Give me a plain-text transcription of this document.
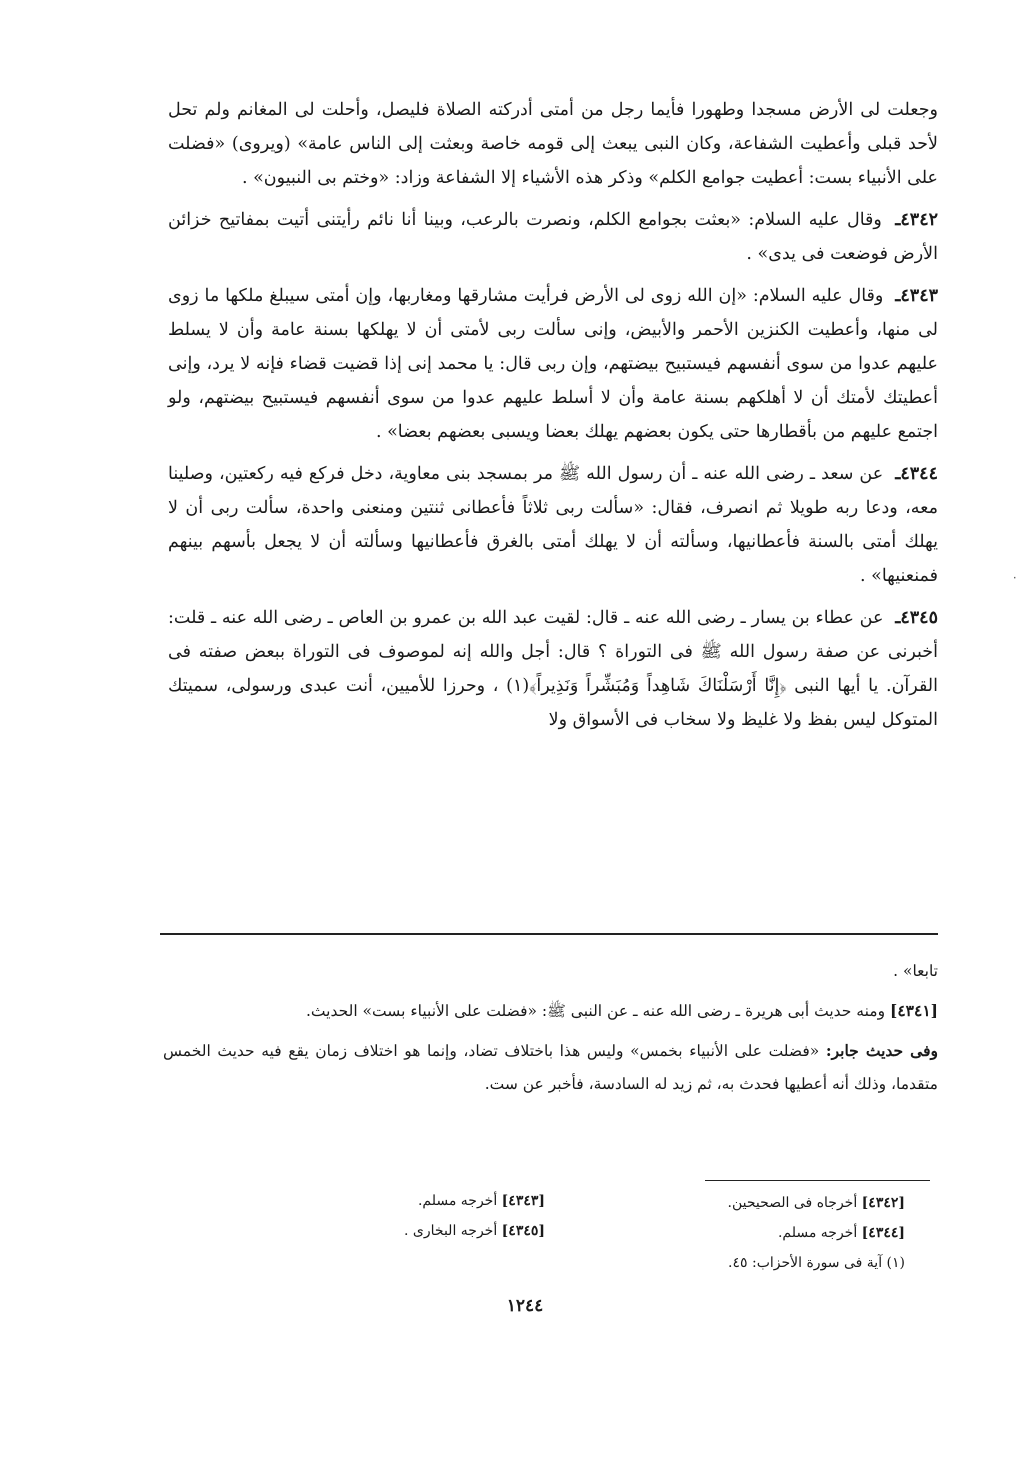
وجعلت لى الأرض مسجدا وطهورا فأيما رجل من أمتى أدركته الصلاة فليصل، وأحلت لى المغانم ولم تحل لأحد قبلى وأعطيت الشفاعة، وكان النبى يبعث إلى قومه خاصة وبعثت إلى الناس عامة» (ويروى) «فضلت على الأنبياء بست: أعطيت جوامع الكلم» وذكر هذه الأشياء إلا الشفاعة وزاد: «وختم بى النبيون» .

٤٣٤٢ـ وقال عليه السلام: «بعثت بجوامع الكلم، ونصرت بالرعب، وبينا أنا نائم رأيتنى أتيت بمفاتيح خزائن الأرض فوضعت فى يدى» .

٤٣٤٣ـ وقال عليه السلام: «إن الله زوى لى الأرض فرأيت مشارقها ومغاربها، وإن أمتى سيبلغ ملكها ما زوى لى منها، وأعطيت الكنزين الأحمر والأبيض، وإنى سألت ربى لأمتى أن لا يهلكها بسنة عامة وأن لا يسلط عليهم عدوا من سوى أنفسهم فيستبيح بيضتهم، وإن ربى قال: يا محمد إنى إذا قضيت قضاء فإنه لا يرد، وإنى أعطيتك لأمتك أن لا أهلكهم بسنة عامة وأن لا أسلط عليهم عدوا من سوى أنفسهم فيستبيح بيضتهم، ولو اجتمع عليهم من بأقطارها حتى يكون بعضهم يهلك بعضا ويسبى بعضهم بعضا» .

٤٣٤٤ـ عن سعد ـ رضى الله عنه ـ أن رسول الله ﷺ مر بمسجد بنى معاوية، دخل فركع فيه ركعتين، وصلينا معه، ودعا ربه طويلا ثم انصرف، فقال: «سألت ربى ثلاثاً فأعطانى ثنتين ومنعنى واحدة، سألت ربى أن لا يهلك أمتى بالسنة فأعطانيها، وسألته أن لا يهلك أمتى بالغرق فأعطانيها وسألته أن لا يجعل بأسهم بينهم فمنعنيها» .

٤٣٤٥ـ عن عطاء بن يسار ـ رضى الله عنه ـ قال: لقيت عبد الله بن عمرو بن العاص ـ رضى الله عنه ـ قلت: أخبرنى عن صفة رسول الله ﷺ فى التوراة ؟ قال: أجل والله إنه لموصوف فى التوراة ببعض صفته فى القرآن. يا أيها النبى ﴿إِنَّا أَرْسَلْنَاكَ شَاهِداً وَمُبَشِّراً وَنَذِيراً﴾(١) ، وحرزا للأميين، أنت عبدى ورسولى، سميتك المتوكل ليس بفظ ولا غليظ ولا سخاب فى الأسواق ولا

تابعا» .

[٤٣٤١] ومنه حديث أبى هريرة ـ رضى الله عنه ـ عن النبى ﷺ: «فضلت على الأنبياء بست» الحديث.

وفى حديث جابر: «فضلت على الأنبياء بخمس» وليس هذا باختلاف تضاد، وإنما هو اختلاف زمان يقع فيه حديث الخمس متقدما، وذلك أنه أعطيها فحدث به، ثم زيد له السادسة، فأخبر عن ست.

[٤٣٤٢] أخرجاه فى الصحيحين.
[٤٣٤٤] أخرجه مسلم.
(١) آية فى سورة الأحزاب: ٤٥.
[٤٣٤٣] أخرجه مسلم.
[٤٣٤٥] أخرجه البخارى .
١٢٤٤
٠
